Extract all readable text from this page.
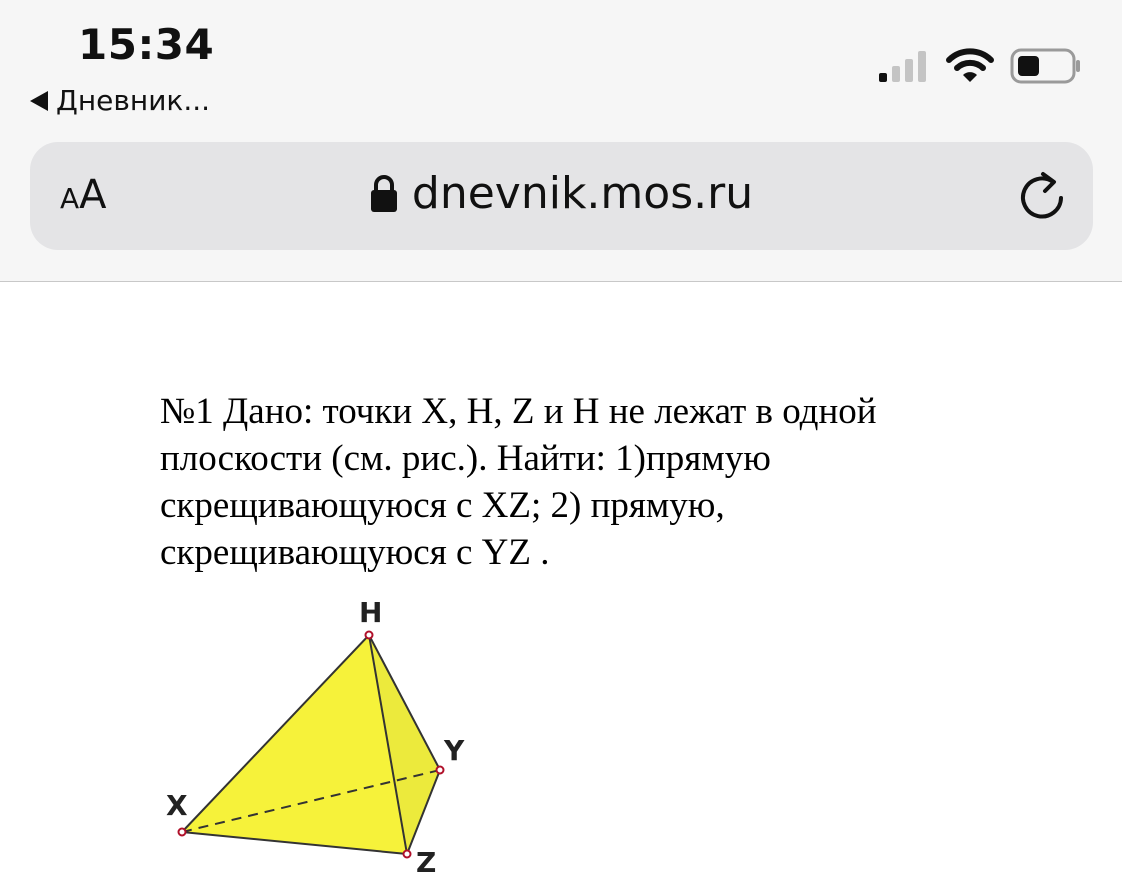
15:34
Дневник...
AA	dnevnik.mos.ru

№1 Дано: точки X, H, Z и H не лежат в одной
плоскости (см. рис.). Найти: 1)прямую
скрещивающуюся с XZ; 2) прямую,
скрещивающуюся с YZ .

H
X
Y
Z
